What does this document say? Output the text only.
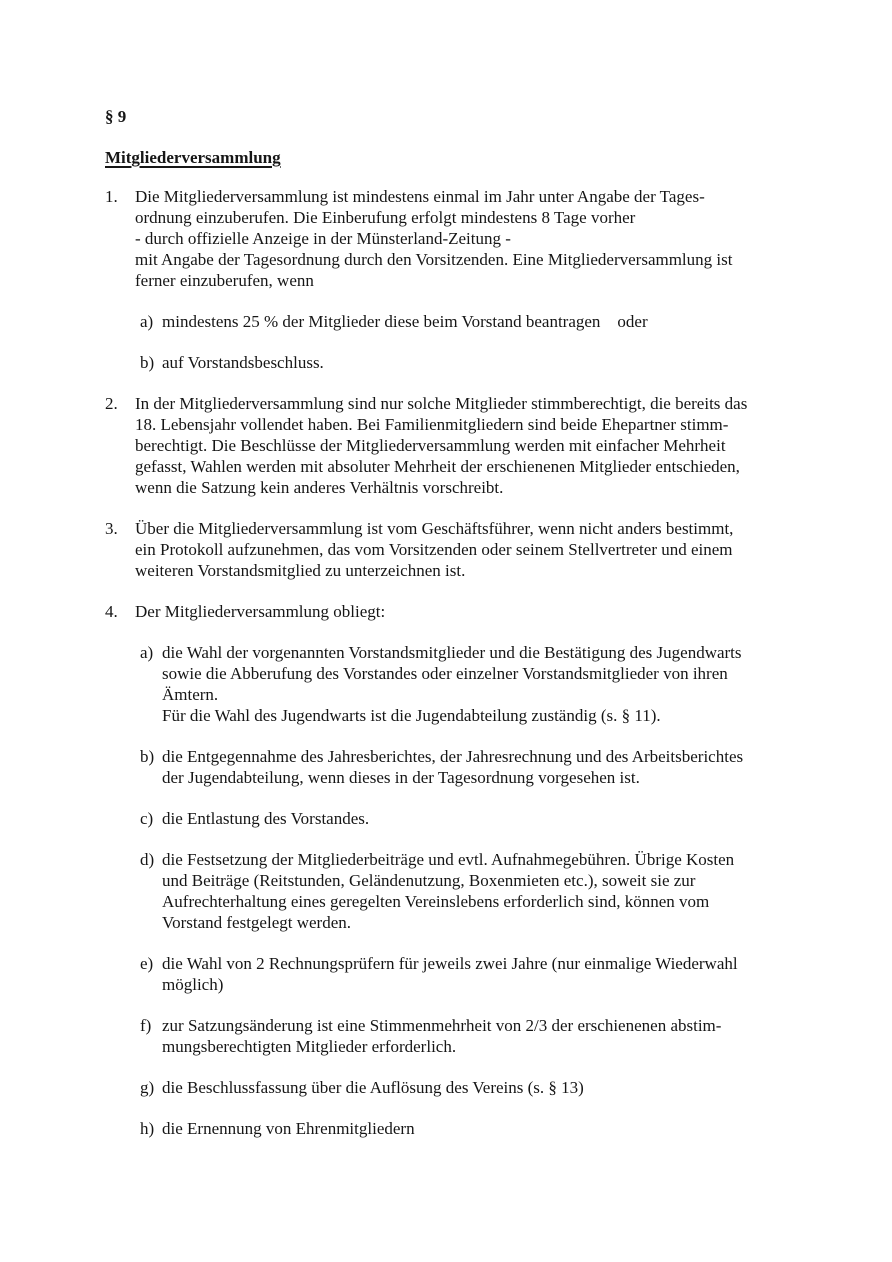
§ 9
Mitgliederversammlung
1.	Die Mitgliederversammlung ist mindestens einmal im Jahr unter Angabe der Tages-
ordnung einzuberufen. Die Einberufung erfolgt mindestens 8 Tage vorher
- durch offizielle Anzeige in der Münsterland-Zeitung -
mit Angabe der Tagesordnung durch den Vorsitzenden. Eine Mitgliederversammlung ist
ferner einzuberufen, wenn
a) mindestens 25 % der Mitglieder diese beim Vorstand beantragen    oder
b) auf Vorstandsbeschluss.
2.	In der Mitgliederversammlung sind nur solche Mitglieder stimmberechtigt, die bereits das
18. Lebensjahr vollendet haben. Bei Familienmitgliedern sind beide Ehepartner stimm-
berechtigt. Die Beschlüsse der Mitgliederversammlung werden mit einfacher Mehrheit
gefasst, Wahlen werden mit absoluter Mehrheit der erschienenen Mitglieder entschieden,
wenn die Satzung kein anderes Verhältnis vorschreibt.
3.	Über die Mitgliederversammlung ist vom Geschäftsführer, wenn nicht anders bestimmt,
ein Protokoll aufzunehmen, das vom Vorsitzenden oder seinem Stellvertreter und einem
weiteren Vorstandsmitglied zu unterzeichnen ist.
4.	Der Mitgliederversammlung obliegt:
a) die Wahl der vorgenannten Vorstandsmitglieder und die Bestätigung des Jugendwarts
sowie die Abberufung des Vorstandes oder einzelner Vorstandsmitglieder von ihren
Ämtern.
Für die Wahl des Jugendwarts ist die Jugendabteilung zuständig (s. § 11).
b) die Entgegennahme des Jahresberichtes, der Jahresrechnung und des Arbeitsberichtes
der Jugendabteilung, wenn dieses in der Tagesordnung vorgesehen ist.
c) die Entlastung des Vorstandes.
d) die Festsetzung der Mitgliederbeiträge und evtl. Aufnahmegebühren. Übrige Kosten
und Beiträge (Reitstunden, Geländenutzung, Boxenmieten etc.), soweit sie zur
Aufrechterhaltung eines geregelten Vereinslebens erforderlich sind, können vom
Vorstand festgelegt werden.
e) die Wahl von 2 Rechnungsprüfern für jeweils zwei Jahre (nur einmalige Wiederwahl
möglich)
f) zur Satzungsänderung ist eine Stimmenmehrheit von 2/3 der erschienenen abstim-
mungsberechtigten Mitglieder erforderlich.
g) die Beschlussfassung über die Auflösung des Vereins (s. § 13)
h) die Ernennung von Ehrenmitgliedern
